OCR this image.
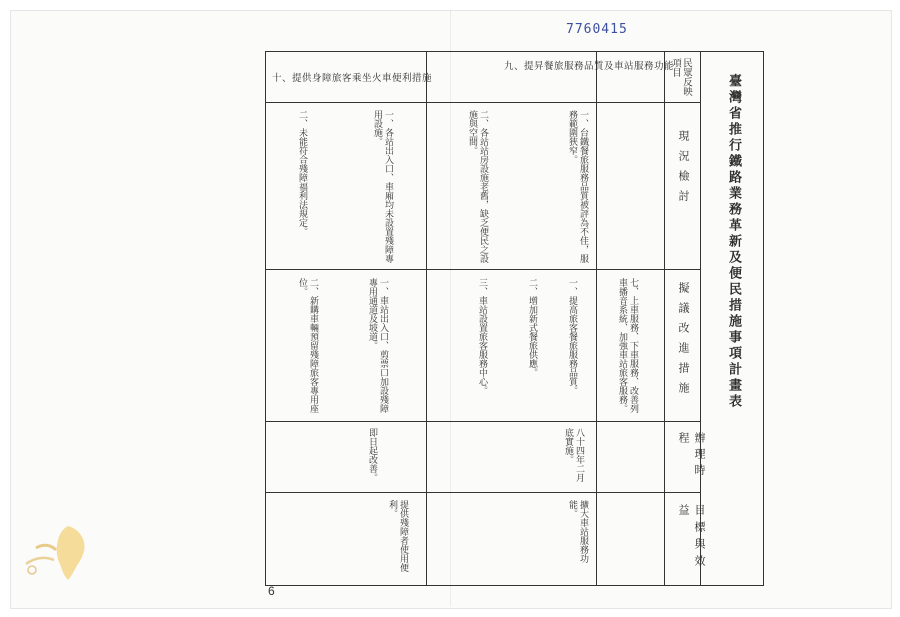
7760415
臺灣省推行鐵路業務革新及便民措施事項計畫表
民眾反映項目
現況檢討
擬議改進措施
辦理時程
目標與效益
九、提昇餐旅服務品質及車站服務功能
十、提供身障旅客乘坐火車便利措施
一、台鐵餐旅服務品質被評為不佳，服務範圍狹窄。
二、各站站房設施老舊，缺乏便民之設施與空間。
一、各站出入口、車廂均未設置殘障專用設施。
二、未能符合殘障福利法規定。
七、上車服務、下車服務、改善列車播音系統、加強車站旅客服務。
一、提高旅客餐旅服務品質。
二、增加新式餐旅供應。
三、車站設置旅客服務中心。
一、車站出入口、剪票口加設殘障專用通道及坡道。
二、新購車輛預留殘障旅客專用座位。
八十四年二月底實施。
即日起改善。
擴大車站服務功能。
提供殘障者使用便利。
6
